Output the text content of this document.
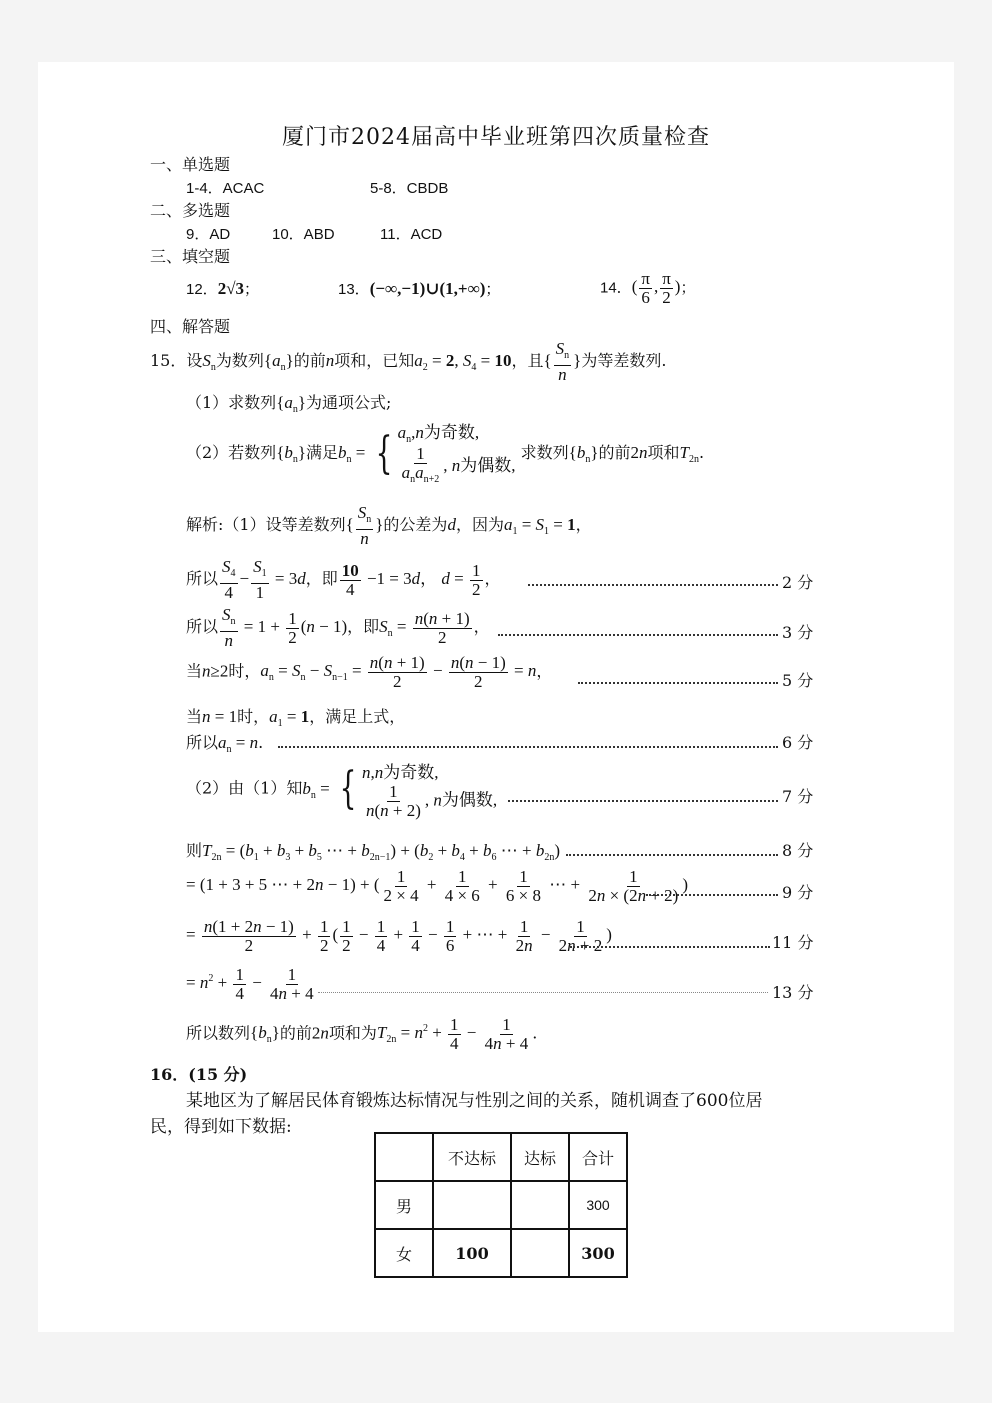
厦门市2024届高中毕业班第四次质量检查
一、单选题
1-4．ACAC	5-8．CBDB
二、多选题
9．AD	10．ABD	11．ACD
三、填空题
12．2√3；	13．(−∞,−1)∪(1,+∞)；	14．( $\frac{\pi}{6}$ , $\frac{\pi}{2}$ )；
四、解答题
15．设$S_n$为数列$\{a_n\}$的前n项和，已知$a_2 = 2$, $S_4 = 10$，且{ $\frac{S_n}{n}$ }为等差数列.
（1）求数列$\{a_n\}$为通项公式;
（2）若数列$\{b_n\}$满足$b_n$ = { $a_n,n$为奇数,
$\frac{1}{a_na_{n+2}}$ , n为偶数,
求数列$\{b_n\}$的前2n项和$T_{2n}$.
解析:（1）设等差数列{ $\frac{S_n}{n}$ }的公差为d，因为$a_1 = S_1 = 1$，
所以 $\frac{S_4}{4} - \frac{S_1}{1} = 3d$，即 $\frac{10}{4} -1 = 3d$， $d = \frac{1}{2}$ ，	2 分
所以 $\frac{S_n}{n} = 1 + \frac{1}{2} (n - 1)$，即$S_n = \frac{n(n + 1)}{2}$ ，	3 分
当n≥2时，$a_n = S_n - S_{n-1} = \frac{n(n + 1)}{2} - \frac{n(n - 1)}{2} = n$，
5 分
当n = 1时，$a_1 = 1$，满足上式，
所以$a_n = n$.	6 分
（2）由（1）知$b_n$ = { n,n为奇数,
$\frac{1}{n(n + 2)}$ , n为偶数,	7 分
则$T_{2n} = (b_1 + b_3 + b_5$ ⋯ + $b_{2n-1}) + (b_2 + b_4 + b_6$ ⋯ + $b_{2n}$)	8 分
= (1 + 3 + 5 ⋯ + 2n − 1) + ( $\frac{1}{2 \times 4} + \frac{1}{4 \times 6} + \frac{1}{6 \times 8}$ ⋯ + $\frac{1}{2n \times (2n + 2)}$ )	9 分
= $\frac{n(1 + 2n - 1)}{2} + \frac{1}{2}$ ( $\frac{1}{2} - \frac{1}{4} + \frac{1}{4} - \frac{1}{6}$ + ⋯ + $\frac{1}{2n} - \frac{1}{2n + 2}$ )	11 分
= $n^2 + \frac{1}{4} - \frac{1}{4n + 4}$	13 分
所以数列$\{b_n\}$的前2n项和为$T_{2n} = n^2 + \frac{1}{4} - \frac{1}{4n + 4}$ .
16．(15 分)
某地区为了解居民体育锻炼达标情况与性别之间的关系，随机调查了600位居
民，得到如下数据:
	不达标	达标	合计
男			300
女	100		300
